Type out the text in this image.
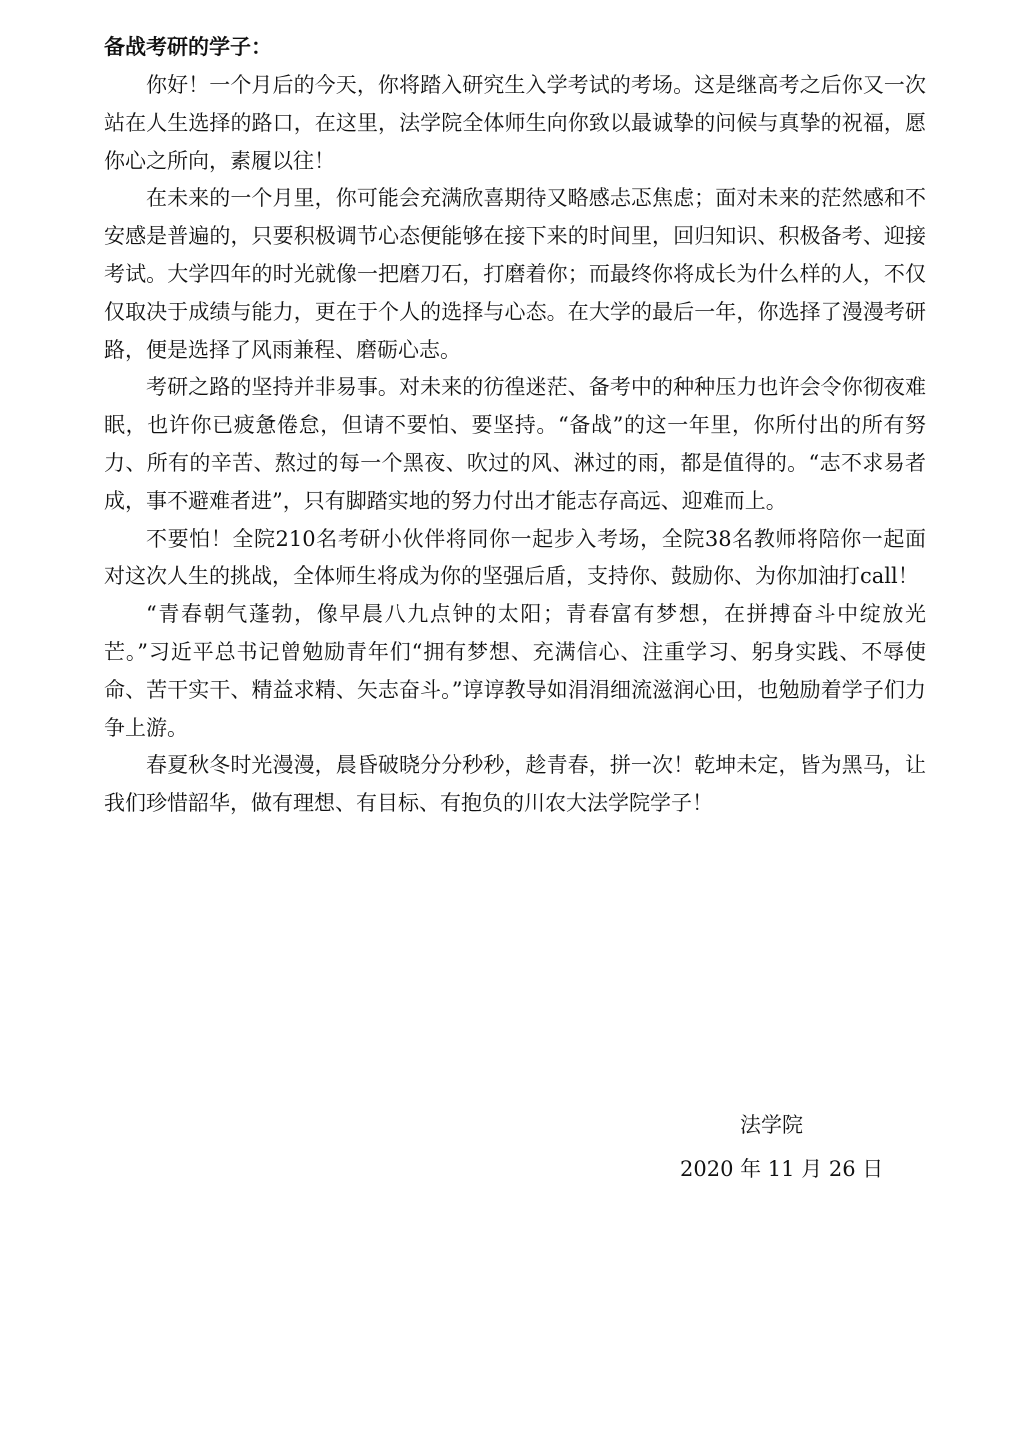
备战考研的学子：

你好！一个月后的今天，你将踏入研究生入学考试的考场。这是继高考之后你又一次站在人生选择的路口，在这里，法学院全体师生向你致以最诚挚的问候与真挚的祝福，愿你心之所向，素履以往！

在未来的一个月里，你可能会充满欣喜期待又略感忐忑焦虑；面对未来的茫然感和不安感是普遍的，只要积极调节心态便能够在接下来的时间里，回归知识、积极备考、迎接考试。大学四年的时光就像一把磨刀石，打磨着你；而最终你将成长为什么样的人，不仅仅取决于成绩与能力，更在于个人的选择与心态。在大学的最后一年，你选择了漫漫考研路，便是选择了风雨兼程、磨砺心志。

考研之路的坚持并非易事。对未来的彷徨迷茫、备考中的种种压力也许会令你彻夜难眠，也许你已疲惫倦怠，但请不要怕、要坚持。“备战”的这一年里，你所付出的所有努力、所有的辛苦、熬过的每一个黑夜、吹过的风、淋过的雨，都是值得的。“志不求易者成，事不避难者进”，只有脚踏实地的努力付出才能志存高远、迎难而上。

不要怕！全院210名考研小伙伴将同你一起步入考场，全院38名教师将陪你一起面对这次人生的挑战，全体师生将成为你的坚强后盾，支持你、鼓励你、为你加油打call！

“青春朝气蓬勃，像早晨八九点钟的太阳；青春富有梦想，在拼搏奋斗中绽放光芒。”习近平总书记曾勉励青年们“拥有梦想、充满信心、注重学习、躬身实践、不辱使命、苦干实干、精益求精、矢志奋斗。”谆谆教导如涓涓细流滋润心田，也勉励着学子们力争上游。

春夏秋冬时光漫漫，晨昏破晓分分秒秒，趁青春，拼一次！乾坤未定，皆为黑马，让我们珍惜韶华，做有理想、有目标、有抱负的川农大法学院学子！

法学院
2020 年 11 月 26 日
